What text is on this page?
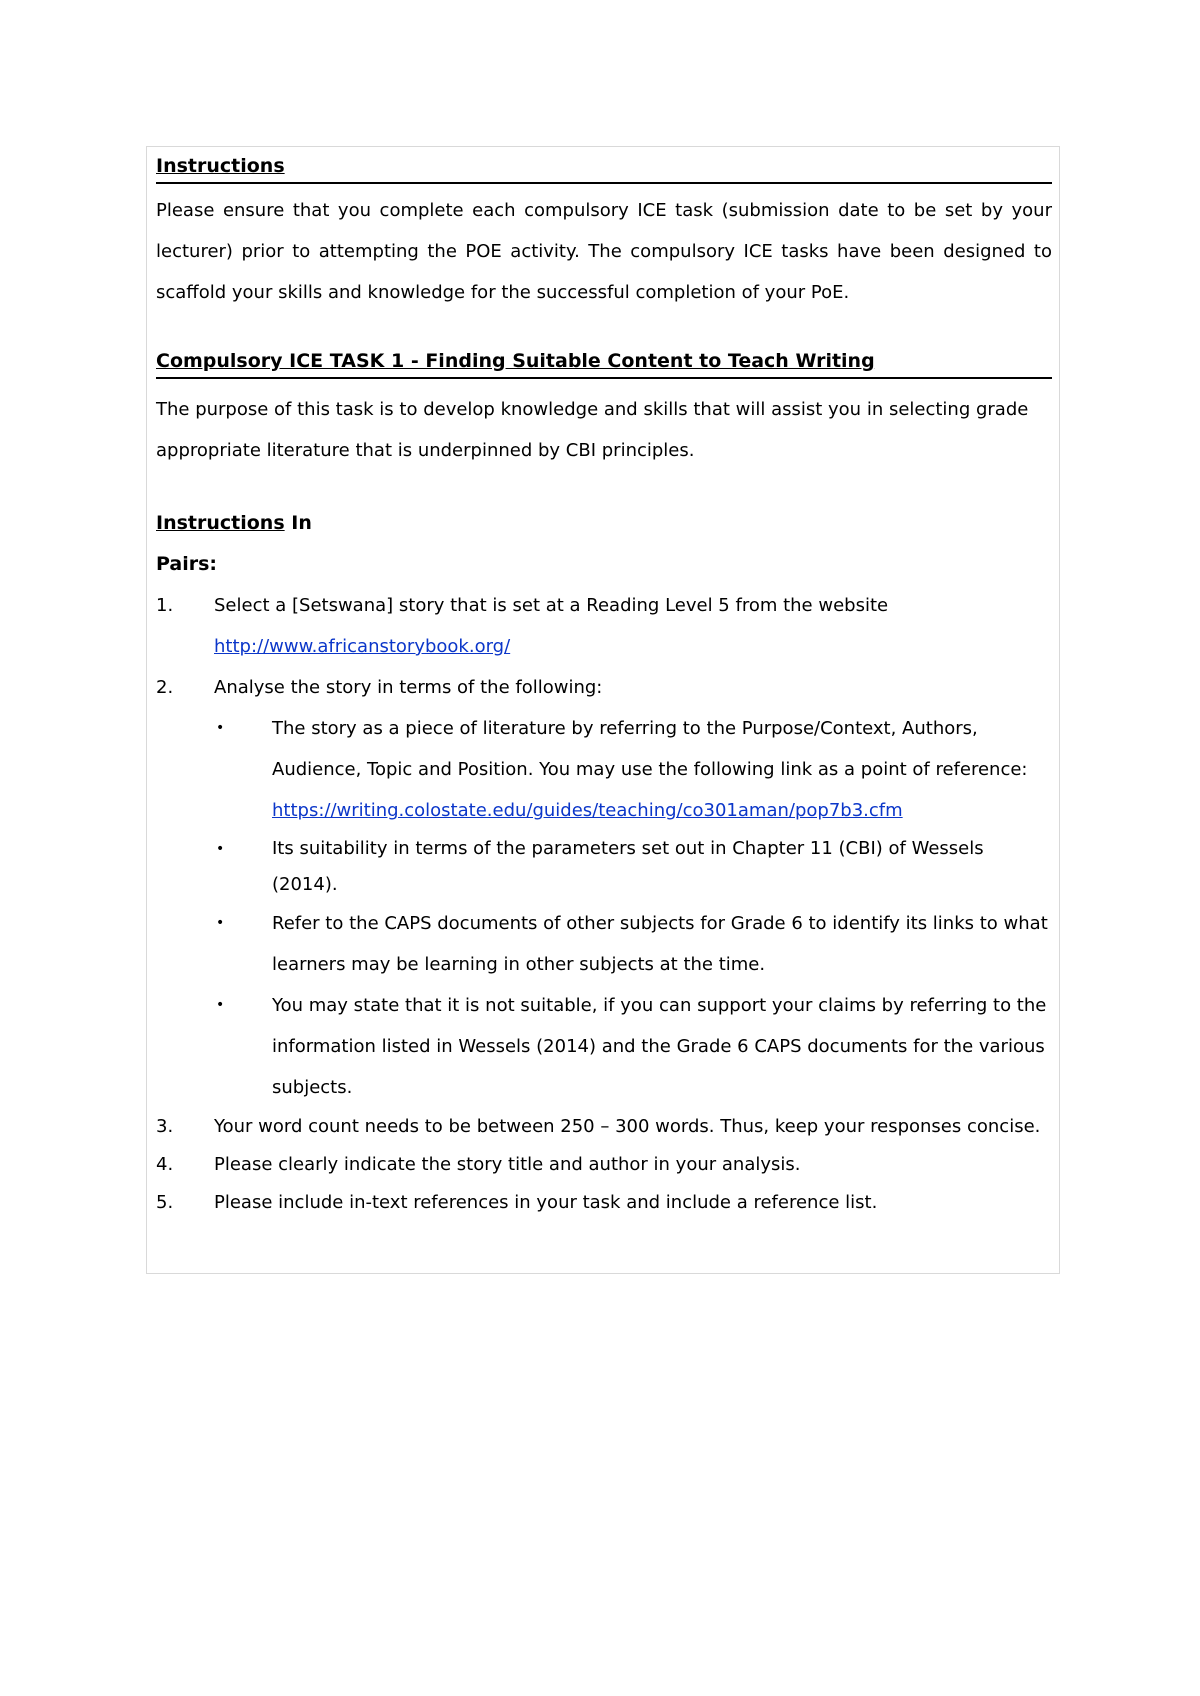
Instructions

Please ensure that you complete each compulsory ICE task (submission date to be set by your lecturer) prior to attempting the POE activity. The compulsory ICE tasks have been designed to scaffold your skills and knowledge for the successful completion of your PoE.

Compulsory ICE TASK 1 - Finding Suitable Content to Teach Writing

The purpose of this task is to develop knowledge and skills that will assist you in selecting grade appropriate literature that is underpinned by CBI principles.

Instructions In

Pairs:

1. Select a [Setswana] story that is set at a Reading Level 5 from the website
http://www.africanstorybook.org/
2. Analyse the story in terms of the following:
•	The story as a piece of literature by referring to the Purpose/Context, Authors, Audience, Topic and Position. You may use the following link as a point of reference:
https://writing.colostate.edu/guides/teaching/co301aman/pop7b3.cfm
•	Its suitability in terms of the parameters set out in Chapter 11 (CBI) of Wessels (2014).
•	Refer to the CAPS documents of other subjects for Grade 6 to identify its links to what learners may be learning in other subjects at the time.
•	You may state that it is not suitable, if you can support your claims by referring to the information listed in Wessels (2014) and the Grade 6 CAPS documents for the various subjects.
3. Your word count needs to be between 250 – 300 words. Thus, keep your responses concise.
4. Please clearly indicate the story title and author in your analysis.
5. Please include in-text references in your task and include a reference list.
